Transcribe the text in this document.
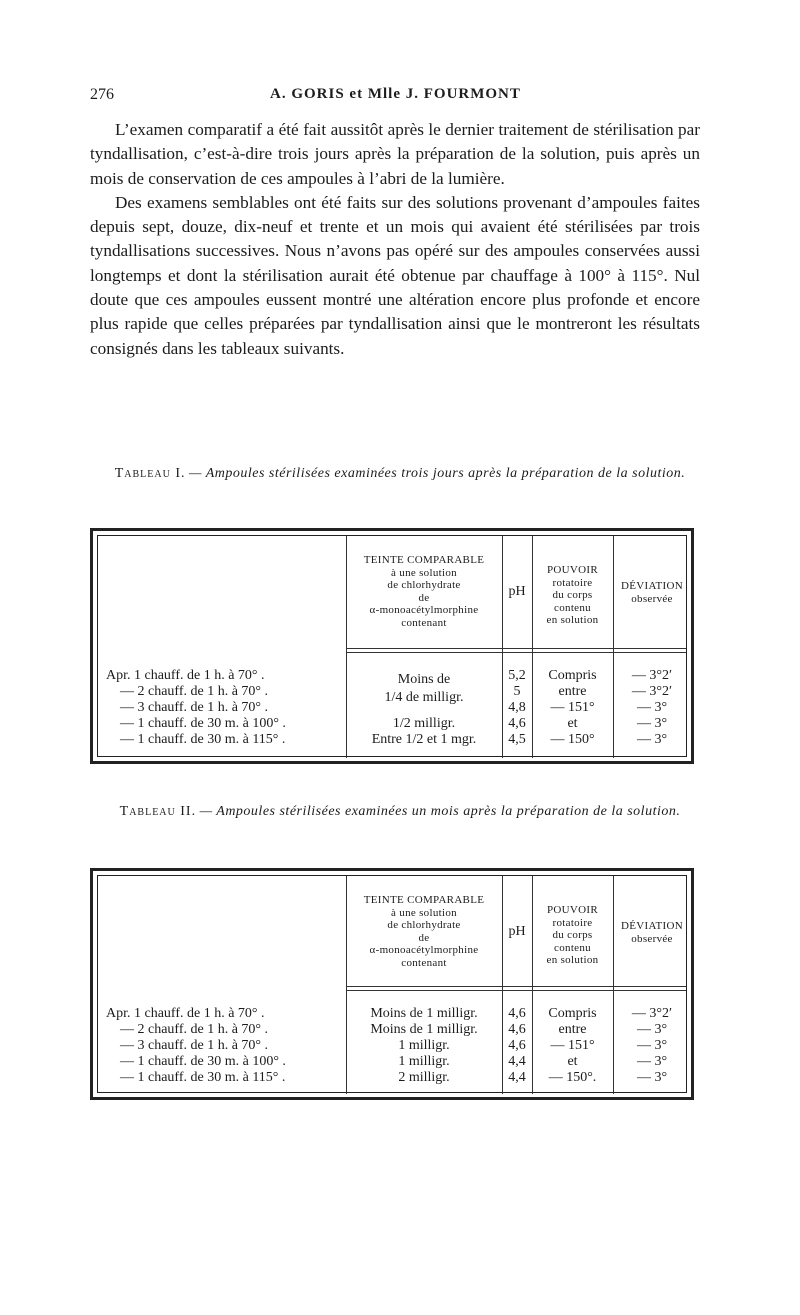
276	A. GORIS et Mlle J. FOURMONT

L’examen comparatif a été fait aussitôt après le dernier traitement de stérilisation par tyndallisation, c’est-à-dire trois jours après la préparation de la solution, puis après un mois de conservation de ces ampoules à l’abri de la lumière.

Des examens semblables ont été faits sur des solutions provenant d’ampoules faites depuis sept, douze, dix-neuf et trente et un mois qui avaient été stérilisées par trois tyndallisations successives. Nous n’avons pas opéré sur des ampoules conservées aussi longtemps et dont la stérilisation aurait été obtenue par chauffage à 100° à 115°. Nul doute que ces ampoules eussent montré une altération encore plus profonde et encore plus rapide que celles préparées par tyndallisation ainsi que le montreront les résultats consignés dans les tableaux suivants.

Tableau I. — Ampoules stérilisées examinées trois jours après la préparation de la solution.
TEINTE COMPARABLE
à une solution
de chlorhydrate
de
α-monoacétylmorphine
contenant
pH
POUVOIR
rotatoire
du corps
contenu
en solution
DÉVIATION
observée
Apr. 1 chauff. de 1 h. à 70° .
— 2 chauff. de 1 h. à 70° .
— 3 chauff. de 1 h. à 70° .
— 1 chauff. de 30 m. à 100° .
— 1 chauff. de 30 m. à 115° .
Moins de
1/4 de milligr.
1/2 milligr.
Entre 1/2 et 1 mgr.
5,2
5
4,8
4,6
4,5
Compris
entre
— 151°
et
— 150°
— 3°2′
— 3°2′
— 3°
— 3°
— 3°
Tableau II. — Ampoules stérilisées examinées un mois après la préparation de la solution.
TEINTE COMPARABLE
à une solution
de chlorhydrate
de
α-monoacétylmorphine
contenant
pH
POUVOIR
rotatoire
du corps
contenu
en solution
DÉVIATION
observée
Apr. 1 chauff. de 1 h. à 70° .
— 2 chauff. de 1 h. à 70° .
— 3 chauff. de 1 h. à 70° .
— 1 chauff. de 30 m. à 100° .
— 1 chauff. de 30 m. à 115° .
Moins de 1 milligr.
Moins de 1 milligr.
1 milligr.
1 milligr.
2 milligr.
4,6
4,6
4,6
4,4
4,4
Compris
entre
— 151°
et
— 150°.
— 3°2′
— 3°
— 3°
— 3°
— 3°
